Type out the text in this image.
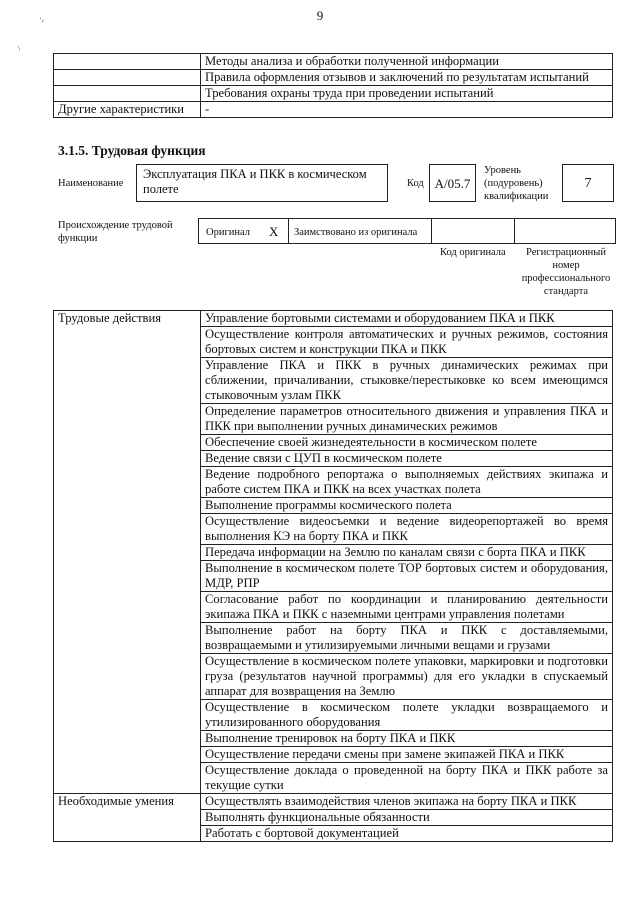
9
'‹
\
	Методы анализа и обработки полученной информации
	Правила оформления отзывов и заключений по результатам испытаний
	Требования охраны труда при проведении испытаний
Другие характеристики	-
3.1.5. Трудовая функция
Наименование
Эксплуатация ПКА и ПКК в космическом полете	Код A/05.7
Уровень (подуровень) квалификации
7
Происхождение трудовой функции
Оригинал X Заимствовано из оригинала
Код оригинала	Регистрационный номер профессионального стандарта
Трудовые действия	Управление бортовыми системами и оборудованием ПКА и ПКК
	Осуществление контроля автоматических и ручных режимов, состояния бортовых систем и конструкции ПКА и ПКК
	Управление ПКА и ПКК в ручных динамических режимах при сближении, причаливании, стыковке/перестыковке ко всем имеющимся стыковочным узлам ПКК
	Определение параметров относительного движения и управления ПКА и ПКК при выполнении ручных динамических режимов
	Обеспечение своей жизнедеятельности в космическом полете
	Ведение связи с ЦУП в космическом полете
	Ведение подробного репортажа о выполняемых действиях экипажа и работе систем ПКА и ПКК на всех участках полета
	Выполнение программы космического полета
	Осуществление видеосъемки и ведение видеорепортажей во время выполнения КЭ на борту ПКА и ПКК
	Передача информации на Землю по каналам связи с борта ПКА и ПКК
	Выполнение в космическом полете ТОР бортовых систем и оборудования, МДР, РПР
	Согласование работ по координации и планированию деятельности экипажа ПКА и ПКК с наземными центрами управления полетами
	Выполнение работ на борту ПКА и ПКК с доставляемыми, возвращаемыми и утилизируемыми личными вещами и грузами
	Осуществление в космическом полете упаковки, маркировки и подготовки груза (результатов научной программы) для его укладки в спускаемый аппарат для возвращения на Землю
	Осуществление в космическом полете укладки возвращаемого и утилизированного оборудования
	Выполнение тренировок на борту ПКА и ПКК
	Осуществление передачи смены при замене экипажей ПКА и ПКК
	Осуществление доклада о проведенной на борту ПКА и ПКК работе за текущие сутки
Необходимые умения	Осуществлять взаимодействия членов экипажа на борту ПКА и ПКК
	Выполнять функциональные обязанности
	Работать с бортовой документацией
